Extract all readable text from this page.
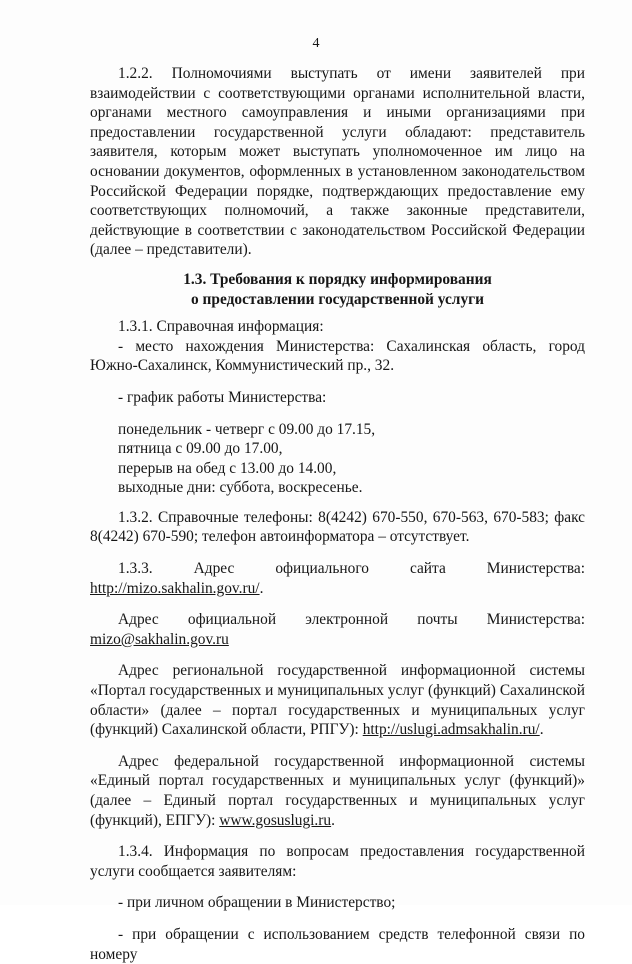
4

1.2.2. Полномочиями выступать от имени заявителей при взаимодействии с соответствующими органами исполнительной власти, органами местного самоуправления и иными организациями при предоставлении государственной услуги обладают: представитель заявителя, которым может выступать уполномоченное им лицо на основании документов, оформленных в установленном законодательством Российской Федерации порядке, подтверждающих предоставление ему соответствующих полномочий, а также законные представители, действующие в соответствии с законодательством Российской Федерации (далее – представители).

1.3. Требования к порядку информирования

о предоставлении государственной услуги

1.3.1. Справочная информация:

- место нахождения Министерства: Сахалинская область, город Южно-Сахалинск, Коммунистический пр., 32.

- график работы Министерства:

понедельник - четверг с 09.00 до 17.15,

пятница с 09.00 до 17.00,

перерыв на обед с 13.00 до 14.00,

выходные дни: суббота, воскресенье.

1.3.2. Справочные телефоны: 8(4242) 670-550, 670-563, 670-583; факс 8(4242) 670-590; телефон автоинформатора – отсутствует.

1.3.3. Адрес официального сайта Министерства:

http://mizo.sakhalin.gov.ru/.

Адрес официальной электронной почты Министерства:

mizo@sakhalin.gov.ru

Адрес региональной государственной информационной системы «Портал государственных и муниципальных услуг (функций) Сахалинской области» (далее – портал государственных и муниципальных услуг (функций) Сахалинской области, РПГУ): http://uslugi.admsakhalin.ru/.

Адрес федеральной государственной информационной системы «Единый портал государственных и муниципальных услуг (функций)» (далее – Единый портал государственных и муниципальных услуг (функций), ЕПГУ): www.gosuslugi.ru.

1.3.4. Информация по вопросам предоставления государственной услуги сообщается заявителям:

- при личном обращении в Министерство;

- при обращении с использованием средств телефонной связи по номеру
